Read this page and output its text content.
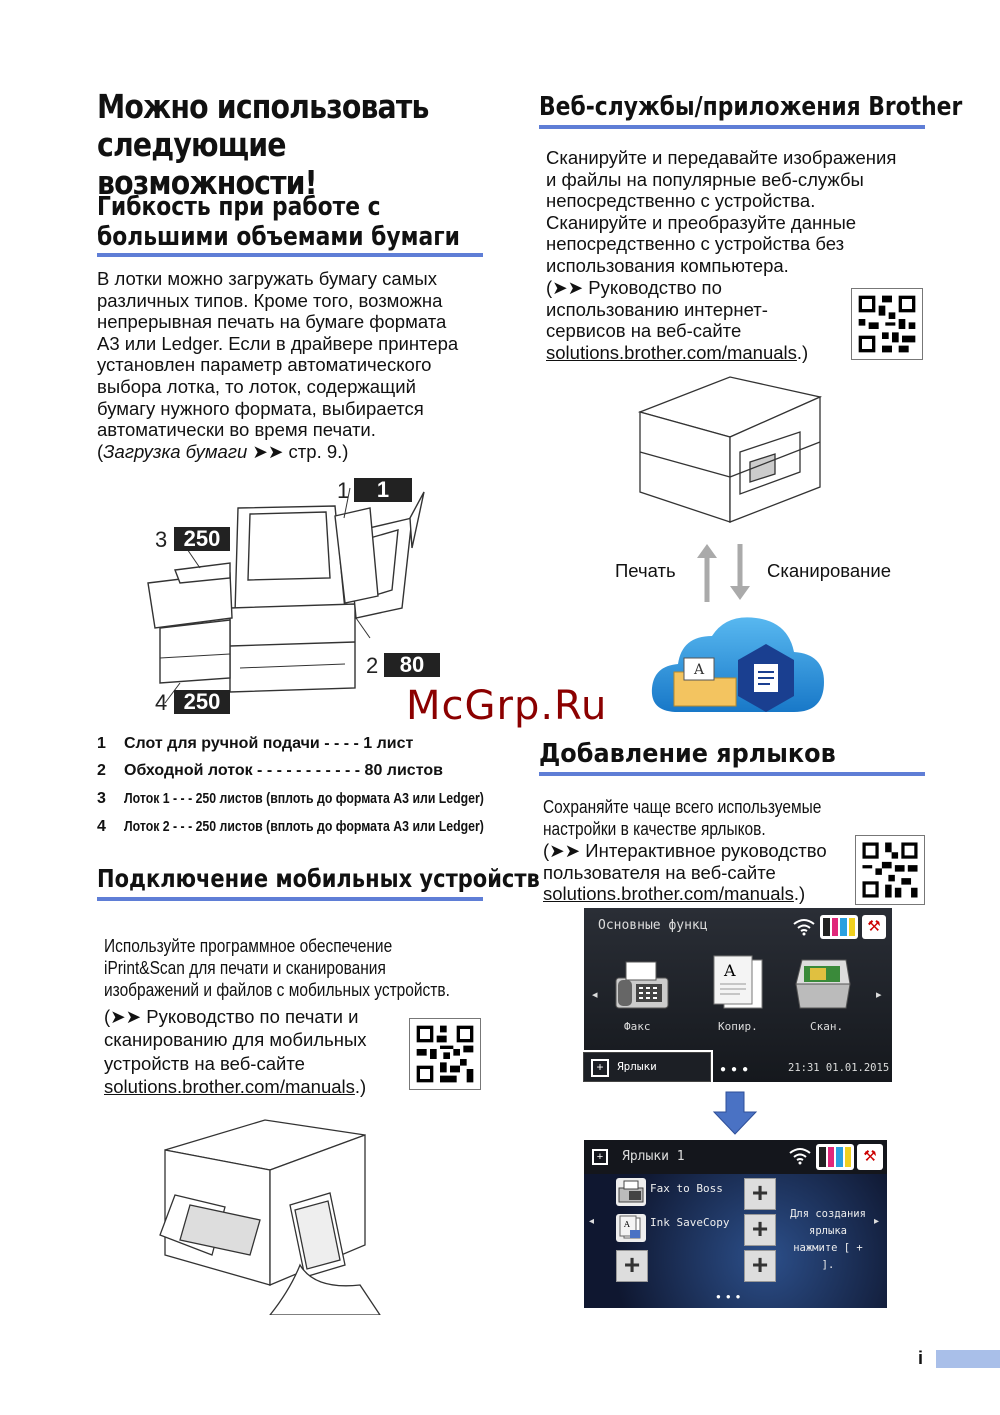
Можно использовать
следующие возможности!
Гибкость при работе с
большими объемами бумаги
В лотки можно загружать бумагу самых
различных типов. Кроме того, возможна
непрерывная печать на бумаге формата
А3 или Ledger. Если в драйвере принтера
установлен параметр автоматического
выбора лотка, то лоток, содержащий
бумагу нужного формата, выбирается
автоматически во время печати.
(Загрузка бумаги ➤➤ стр. 9.)
1	1
2 80
3 250
4 250
1 Слот для ручной подачи - - - - 1 лист
2 Обходной лоток - - - - - - - - - - - 80 листов
3 Лоток 1 - - - 250 листов (вплоть до формата А3 или Ledger)
4 Лоток 2 - - - 250 листов (вплоть до формата А3 или Ledger)
Подключение мобильных устройств
Используйте программное обеспечение
iPrint&Scan для печати и сканирования
изображений и файлов с мобильных устройств.
(➤➤ Руководство по печати и
сканированию для мобильных
устройств на веб-сайте
solutions.brother.com/manuals.)
Веб-службы/приложения Brother
Сканируйте и передавайте изображения
и файлы на популярные веб-службы
непосредственно с устройства.
Сканируйте и преобразуйте данные
непосредственно с устройства без
использования компьютера.
(➤➤ Руководство по
использованию интернет-
сервисов на веб-сайте
solutions.brother.com/manuals.)
Печать	Сканирование
A
McGrp.Ru
Добавление ярлыков
Сохраняйте чаще всего используемые
настройки в качестве ярлыков.
(➤➤ Интерактивное руководство
пользователя на веб-сайте
solutions.brother.com/manuals.)
Основные функц	⚒
◂	▸
Факс
A
Копир.	Скан.
+	Ярлыки	●●●	21:31 01.01.2015
+	Ярлыки 1	⚒
◂	▸
Fax to Boss
A Ink SaveCopy
+
+
+
+
Для создания
ярлыка
нажмите [ + ].
●●●
i
